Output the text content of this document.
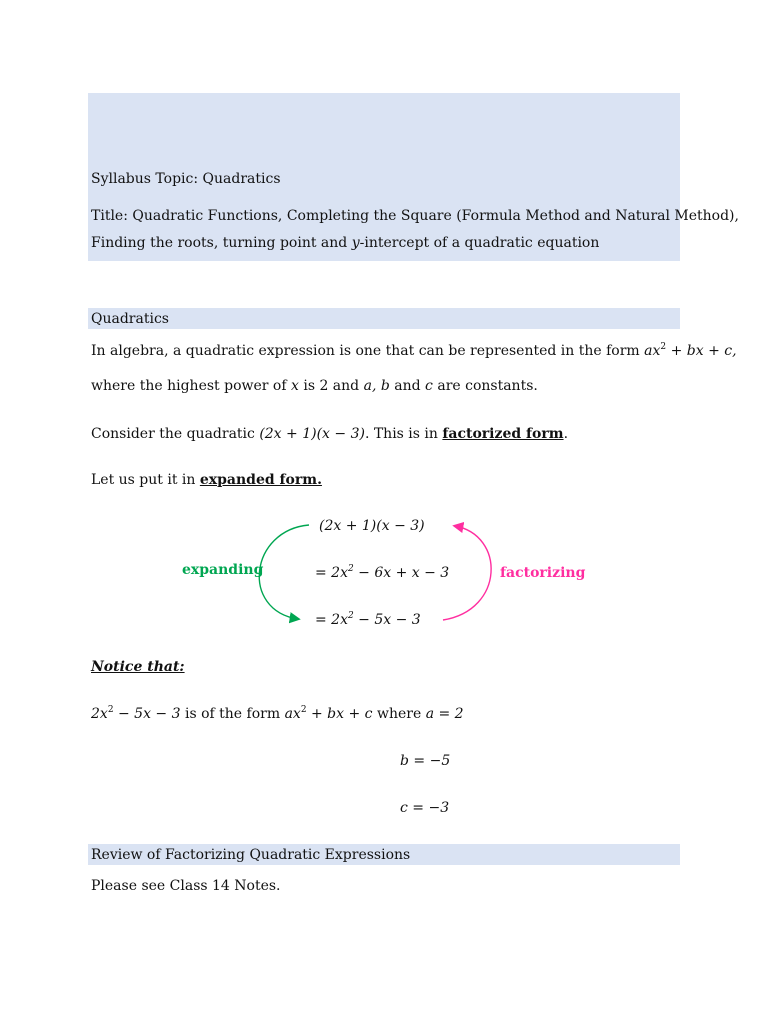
Syllabus Topic: Quadratics
Title: Quadratic Functions, Completing the Square (Formula Method and Natural Method),
Finding the roots, turning point and y-intercept of a quadratic equation
Quadratics
In algebra, a quadratic expression is one that can be represented in the form $ax^2$ + bx + c,
where the highest power of x is 2 and a, b and c are constants.
Consider the quadratic (2x + 1)(x − 3). This is in factorized form.
Let us put it in expanded form.
(2x + 1)(x − 3)
= $2x^2 - 6x + x - 3$
= $2x^2 - 5x - 3$
expanding	factorizing
Notice that:
$2x^2 - 5x - 3$ is of the form $ax^2$ + bx + c where a = 2
b = −5
c = −3
Review of Factorizing Quadratic Expressions
Please see Class 14 Notes.
